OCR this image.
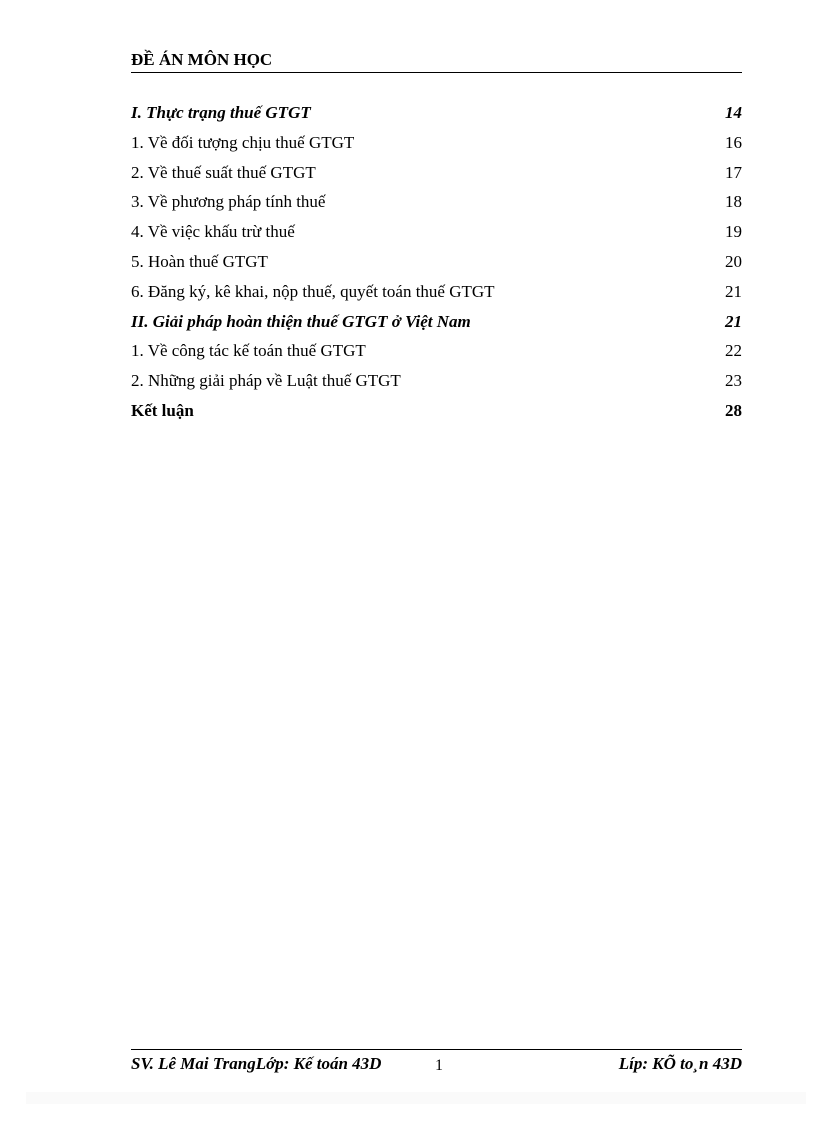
ĐỀ ÁN MÔN HỌC
I. Thực trạng thuế GTGT	14
1. Về đối tượng chịu thuế GTGT	16
2. Về thuế suất thuế GTGT	17
3. Về phương pháp tính thuế	18
4. Về việc khấu trừ thuế	19
5. Hoàn thuế GTGT	20
6. Đăng ký, kê khai, nộp thuế, quyết toán thuế GTGT	21
II. Giải pháp hoàn thiện thuế GTGT ở Việt Nam	21
1. Về công tác kế toán thuế GTGT	22
2. Những giải pháp về Luật thuế GTGT	23
Kết luận	28
SV. Lê Mai TrangLớp: Kế toán 43D	1	Líp: KÕ to¸n 43D
